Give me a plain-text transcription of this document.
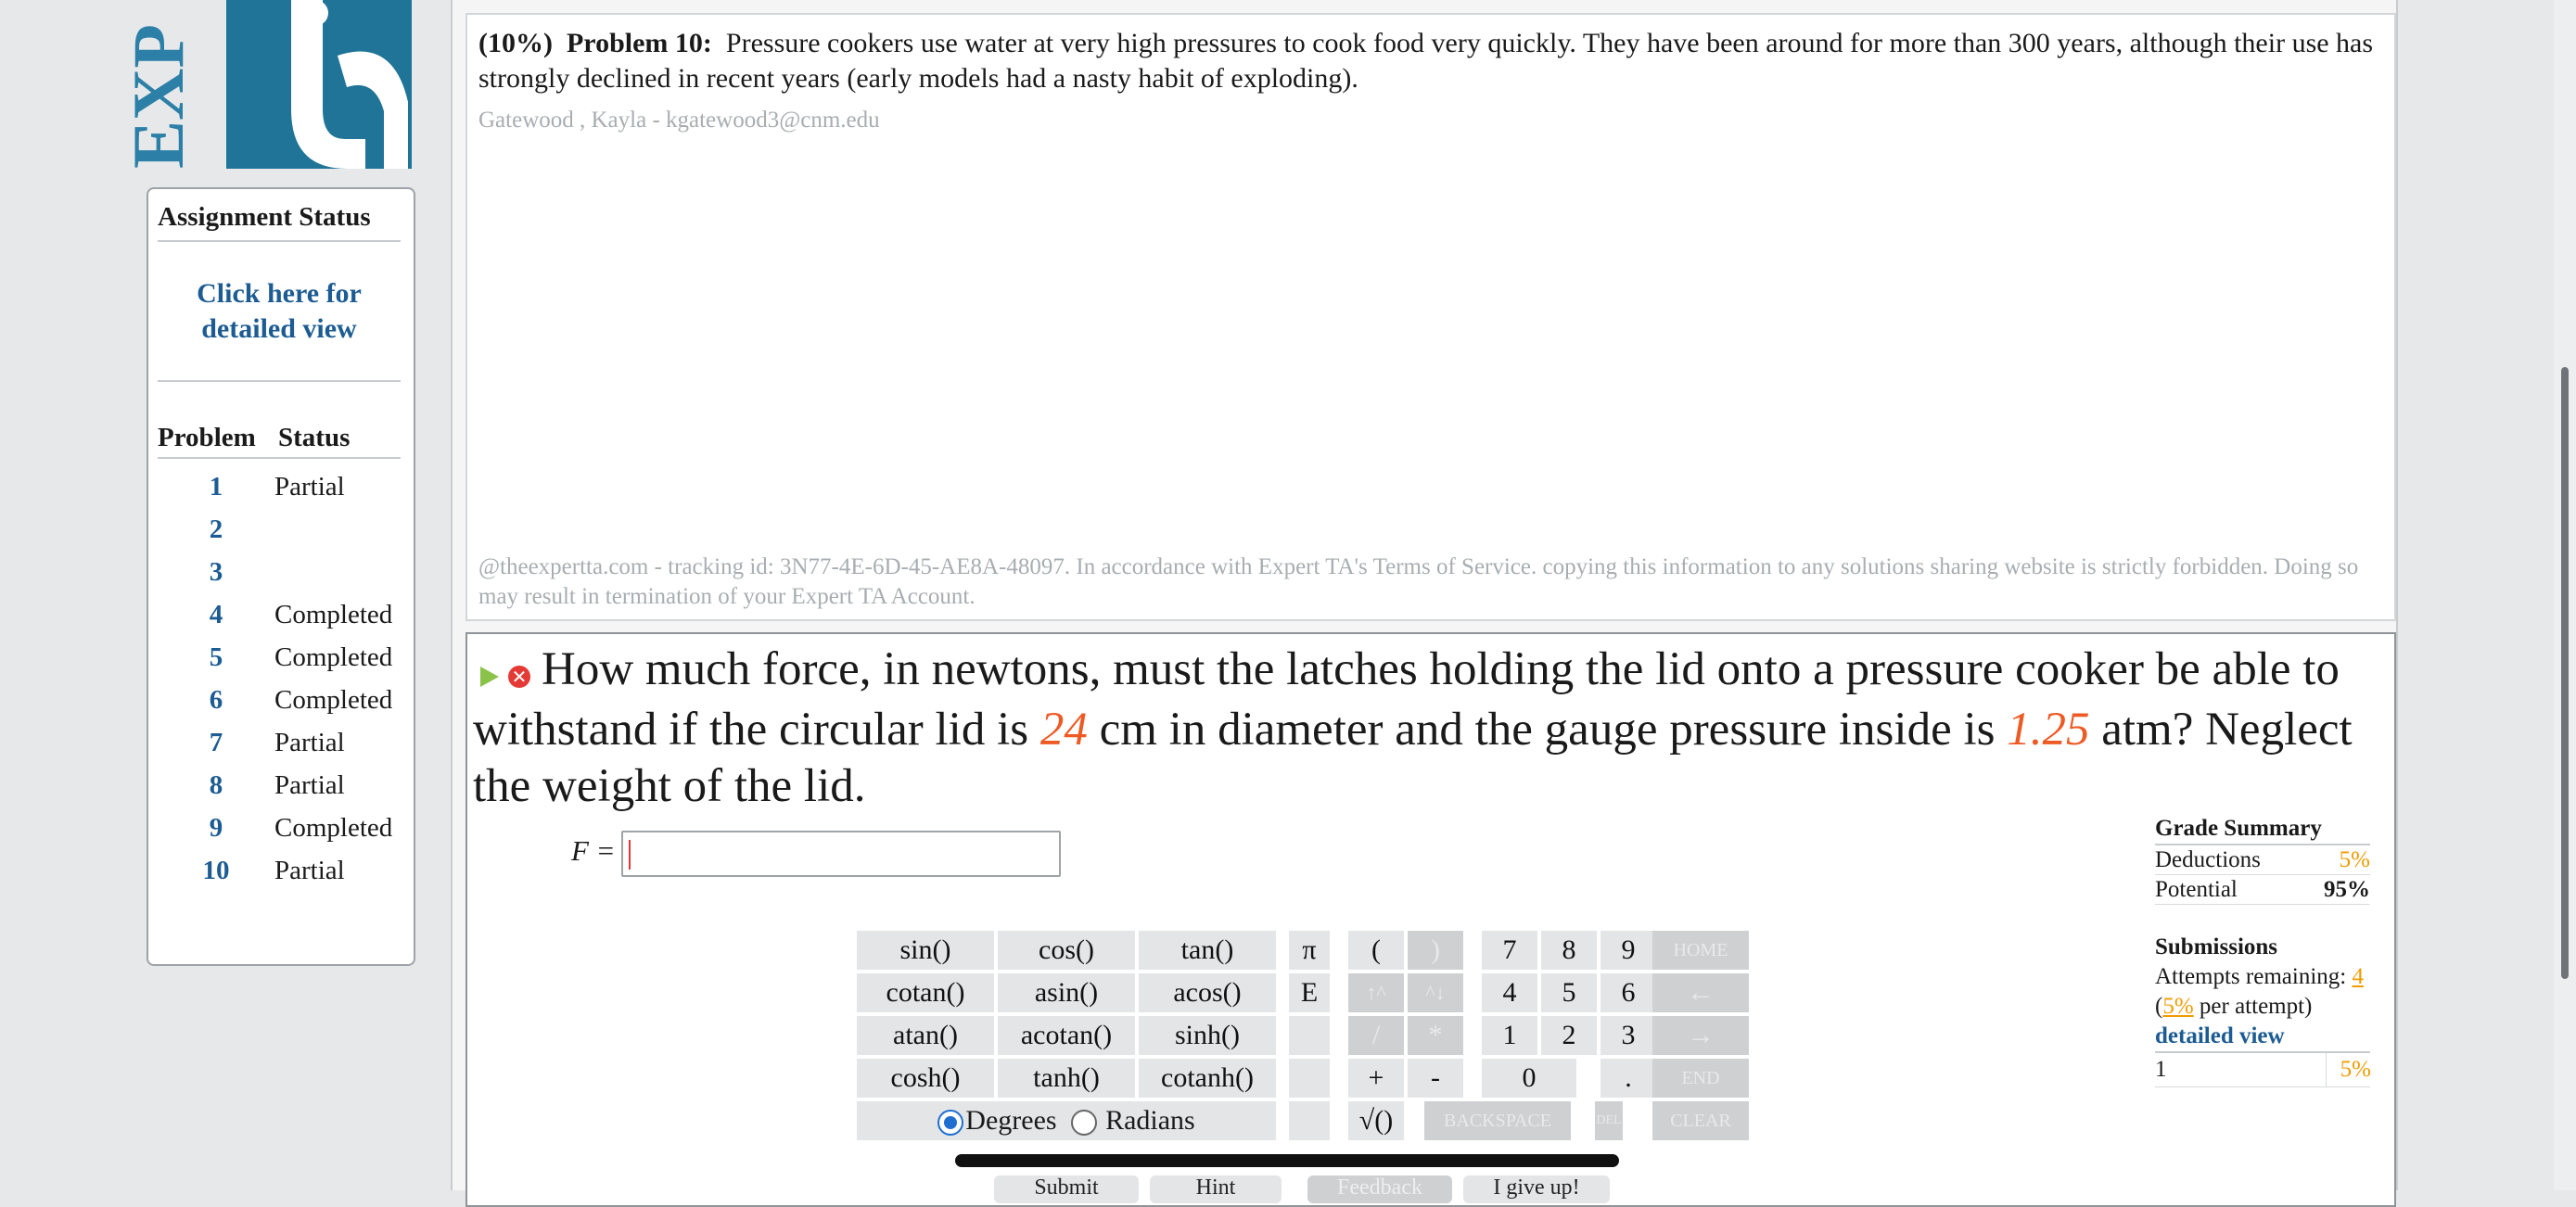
EXP
Assignment Status
Click here for detailed view
Problem Status
1 Partial
2
3
4 Completed
5 Completed
6 Completed
7 Partial
8 Partial
9 Completed
10 Partial
(10%) Problem 10: Pressure cookers use water at very high pressures to cook food very quickly. They have been around for more than 300 years, although their use has strongly declined in recent years (early models had a nasty habit of exploding).
Gatewood , Kayla - kgatewood3@cnm.edu
@theexpertta.com - tracking id: 3N77-4E-6D-45-AE8A-48097. In accordance with Expert TA's Terms of Service. copying this information to any solutions sharing website is strictly forbidden. Doing so may result in termination of your Expert TA Account.
✕ How much force, in newtons, must the latches holding the lid onto a pressure cooker be able to withstand if the circular lid is 24 cm in diameter and the gauge pressure inside is 1.25 atm? Neglect the weight of the lid.
F =
sin()	cos()	tan()
cotan()	asin()	acos()
atan()	acotan()	sinh()
cosh()	tanh()	cotanh()
Degrees Radians
π
E
(	)
↑^	^↓
/	*
+	-
√()
7	8	9
4	5	6
1	2	3
0	.
BACKSPACE	DEL
HOME
←
→
END
CLEAR
Submit	Hint	Feedback	I give up!
Grade Summary
Deductions	5%
Potential	95%
Submissions
Attempts remaining: 4
(5% per attempt)
detailed view
1	5%
